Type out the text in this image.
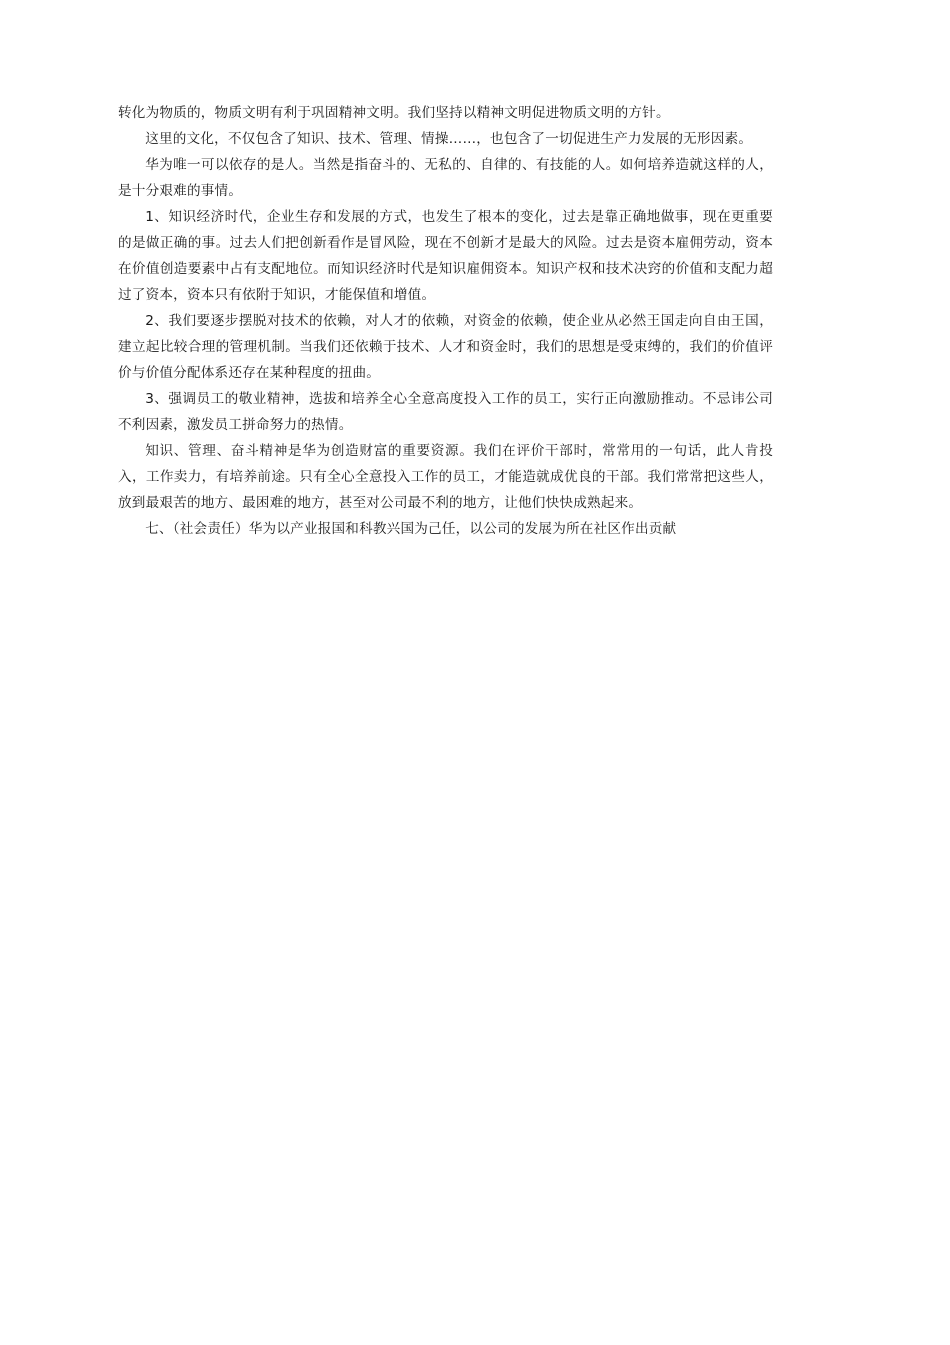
转化为物质的，物质文明有利于巩固精神文明。我们坚持以精神文明促进物质文明的方针。

这里的文化，不仅包含了知识、技术、管理、情操……，也包含了一切促进生产力发展的无形因素。

华为唯一可以依存的是人。当然是指奋斗的、无私的、自律的、有技能的人。如何培养造就这样的人，是十分艰难的事情。

1、知识经济时代，企业生存和发展的方式，也发生了根本的变化，过去是靠正确地做事，现在更重要的是做正确的事。过去人们把创新看作是冒风险，现在不创新才是最大的风险。过去是资本雇佣劳动，资本在价值创造要素中占有支配地位。而知识经济时代是知识雇佣资本。知识产权和技术决窍的价值和支配力超过了资本，资本只有依附于知识，才能保值和增值。

2、我们要逐步摆脱对技术的依赖，对人才的依赖，对资金的依赖，使企业从必然王国走向自由王国，建立起比较合理的管理机制。当我们还依赖于技术、人才和资金时，我们的思想是受束缚的，我们的价值评价与价值分配体系还存在某种程度的扭曲。

3、强调员工的敬业精神，选拔和培养全心全意高度投入工作的员工，实行正向激励推动。不忌讳公司不利因素，激发员工拼命努力的热情。

知识、管理、奋斗精神是华为创造财富的重要资源。我们在评价干部时，常常用的一句话，此人肯投入，工作卖力，有培养前途。只有全心全意投入工作的员工，才能造就成优良的干部。我们常常把这些人，放到最艰苦的地方、最困难的地方，甚至对公司最不利的地方，让他们快快成熟起来。

七、（社会责任）华为以产业报国和科教兴国为己任，以公司的发展为所在社区作出贡献
